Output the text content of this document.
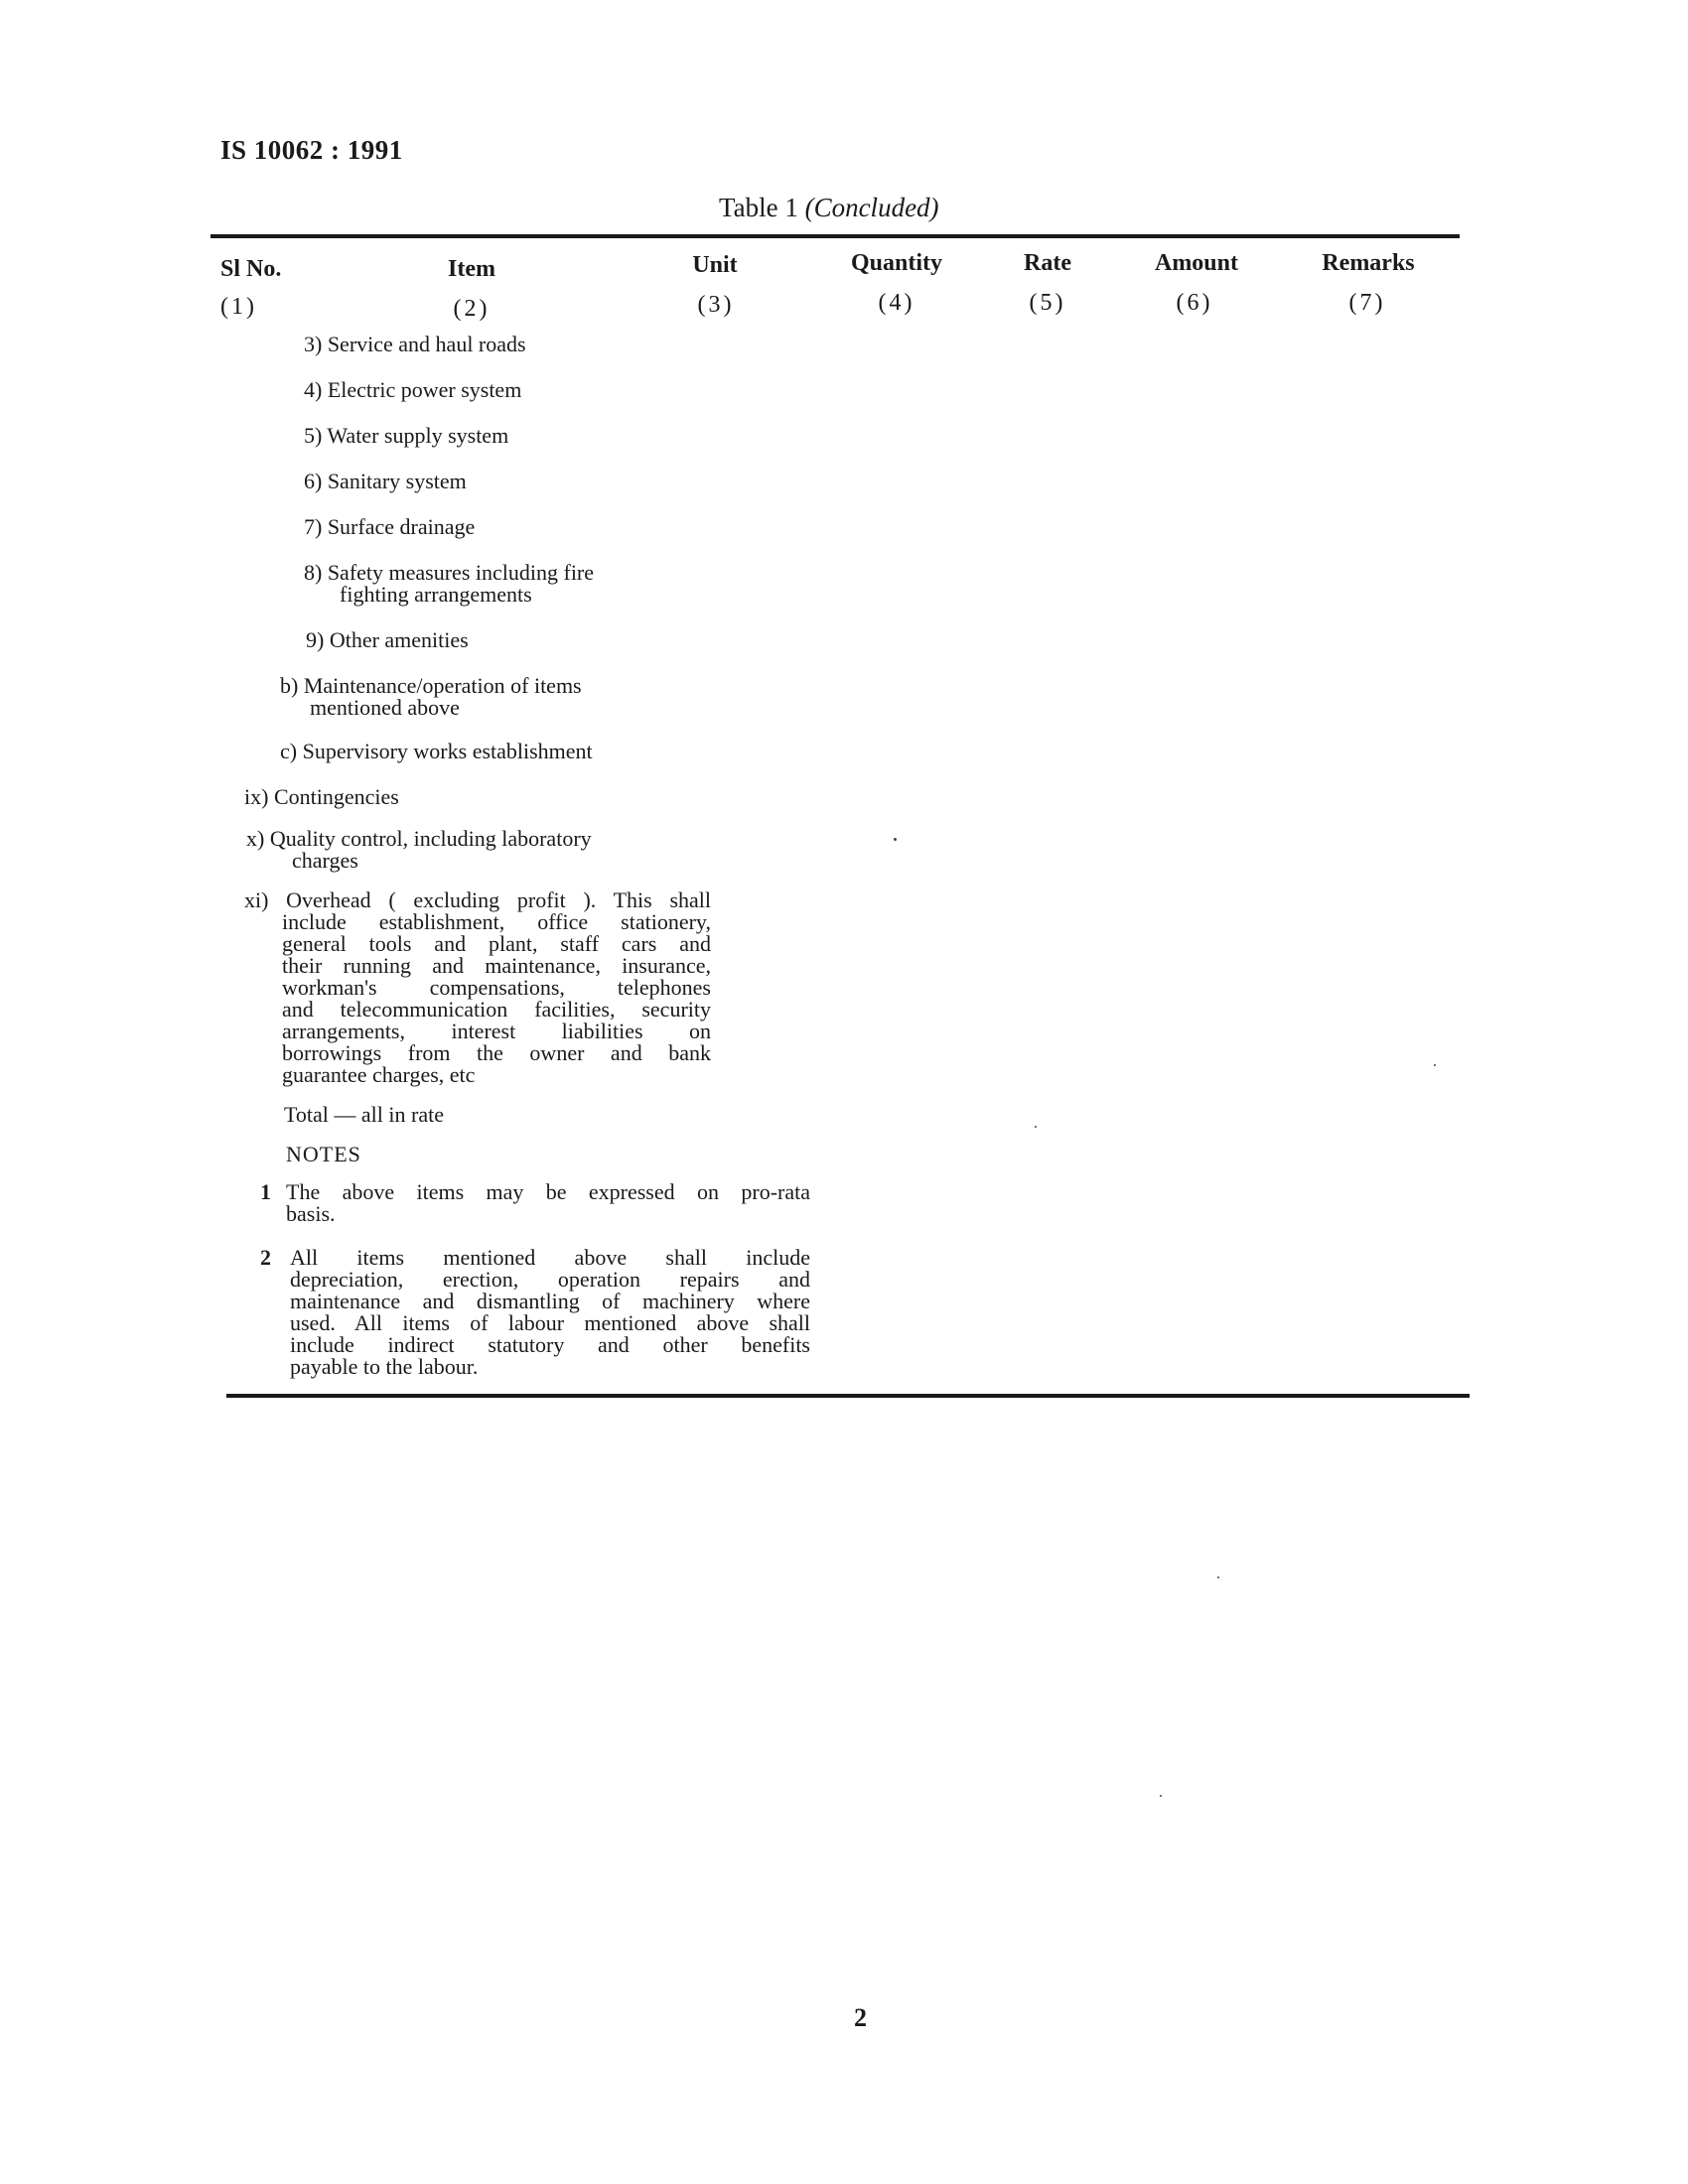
IS 10062 : 1991
Table 1 (Concluded)
Sl No.	Item	Unit	Quantity	Rate	Amount	Remarks
(1)	(2)	(3)	(4)	(5)	(6)	(7)
3) Service and haul roads
4) Electric power system
5) Water supply system
6) Sanitary system
7) Surface drainage
8) Safety measures including fire
fighting arrangements
9) Other amenities
b) Maintenance/operation of items
mentioned above
c) Supervisory works establishment
ix) Contingencies
x) Quality control, including laboratory
charges
xi) Overhead ( excluding profit ). This shall
include establishment, office stationery,
general tools and plant, staff cars and
their running and maintenance, insurance,
workman's compensations, telephones
and telecommunication facilities, security
arrangements, interest liabilities on
borrowings from the owner and bank
guarantee charges, etc
Total — all in rate
NOTES
1 The above items may be expressed on pro-rata
basis.
2 All items mentioned above shall include
depreciation, erection, operation repairs and
maintenance and dismantling of machinery where
used. All items of labour mentioned above shall
include indirect statutory and other benefits
payable to the labour.
2
